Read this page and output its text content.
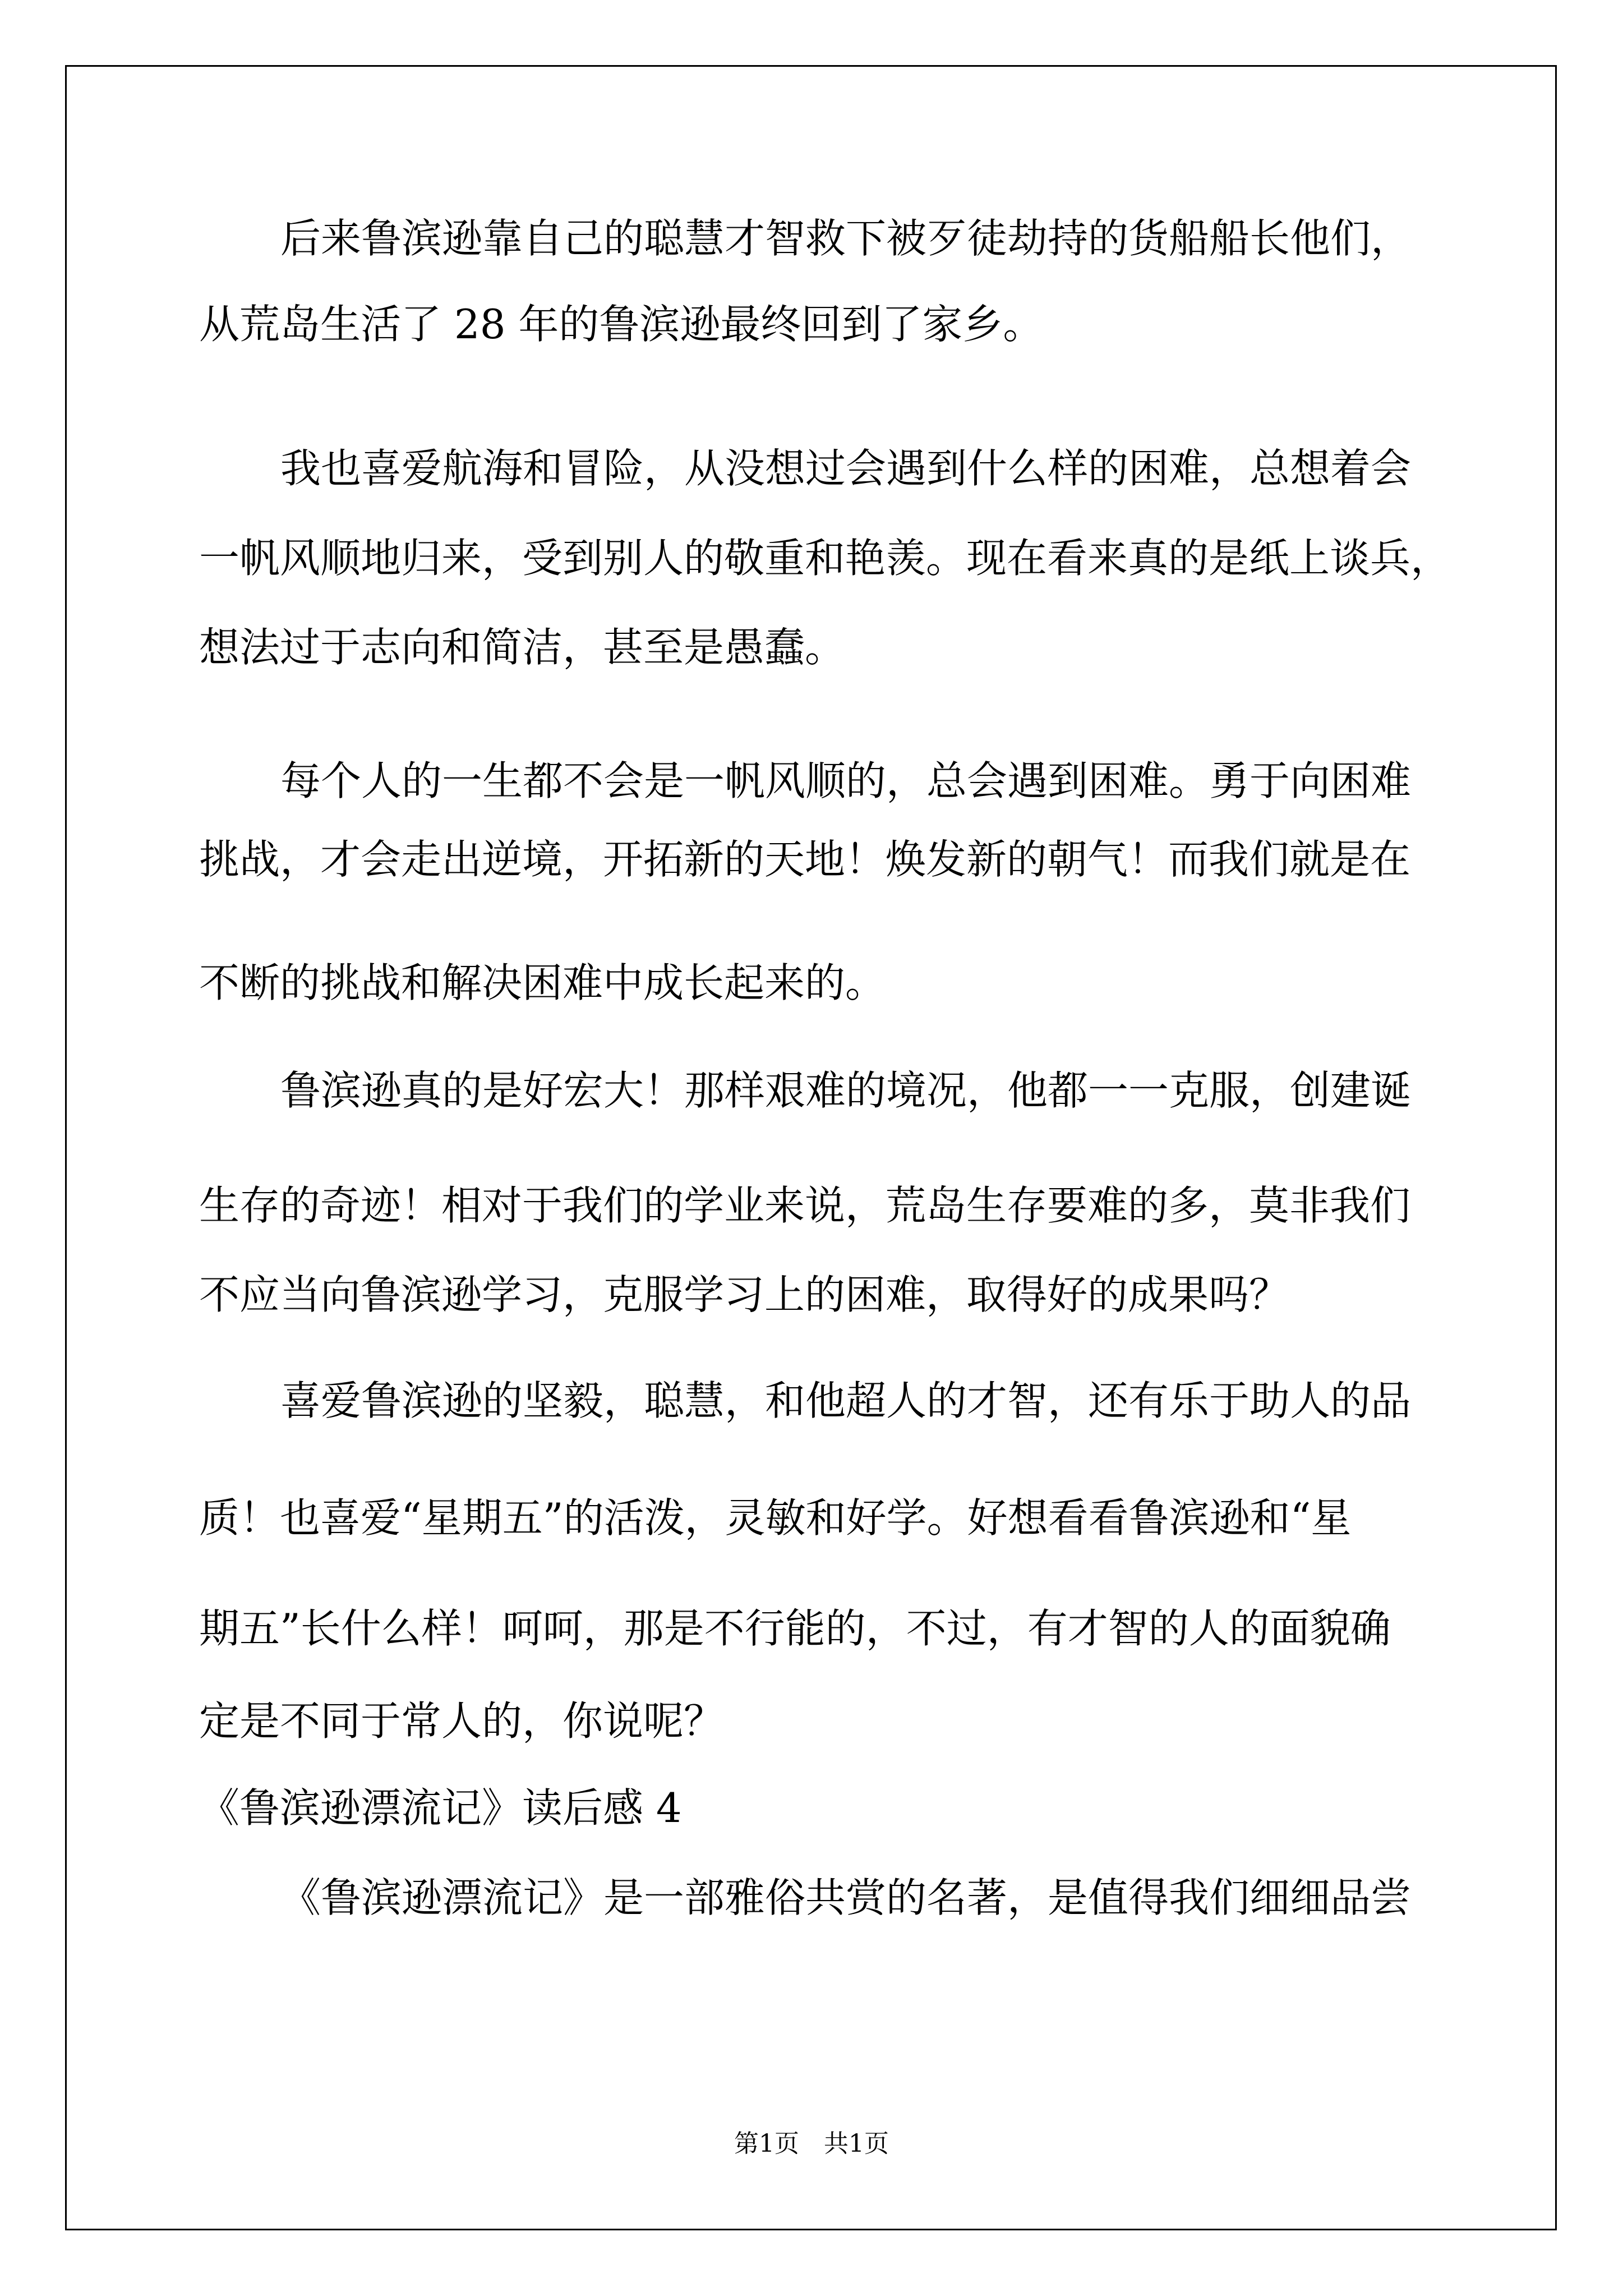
后来鲁滨逊靠自己的聪慧才智救下被歹徒劫持的货船船长他们，
从荒岛生活了 28 年的鲁滨逊最终回到了家乡。
我也喜爱航海和冒险，从没想过会遇到什么样的困难，总想着会
一帆风顺地归来，受到别人的敬重和艳羡。现在看来真的是纸上谈兵，
想法过于志向和简洁，甚至是愚蠢。
每个人的一生都不会是一帆风顺的，总会遇到困难。勇于向困难
挑战，才会走出逆境，开拓新的天地！焕发新的朝气！而我们就是在
不断的挑战和解决困难中成长起来的。
鲁滨逊真的是好宏大！那样艰难的境况，他都一一克服，创建诞
生存的奇迹！相对于我们的学业来说，荒岛生存要难的多，莫非我们
不应当向鲁滨逊学习，克服学习上的困难，取得好的成果吗？
喜爱鲁滨逊的坚毅，聪慧，和他超人的才智，还有乐于助人的品
质！也喜爱“星期五”的活泼，灵敏和好学。好想看看鲁滨逊和“星
期五”长什么样！呵呵，那是不行能的，不过，有才智的人的面貌确
定是不同于常人的，你说呢？
《鲁滨逊漂流记》读后感 4
《鲁滨逊漂流记》是一部雅俗共赏的名著，是值得我们细细品尝
第1页　共1页
